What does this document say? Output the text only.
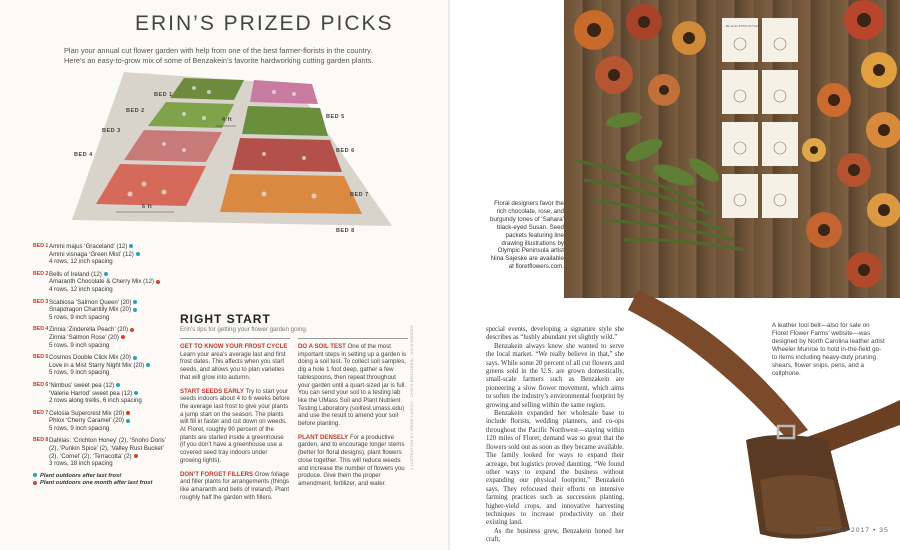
ERIN’S PRIZED PICKS

Plan your annual cut flower garden with help from one of the best farmer-florists in the country. Here’s an easy-to-grow mix of some of Benzakein’s favorite hardworking cutting garden plants.

6 ft
4 ft
BED 1
BED 2
BED 3
BED 4
BED 5
BED 6
BED 7
BED 8
BED 1 Ammi majus ‘Graceland’ (12)
Ammi visnaga ‘Green Mist’ (12)
4 rows, 12 inch spacing
BED 2 Bells of Ireland (12)
Amaranth Chocolate & Cherry Mix (12)
4 rows, 12 inch spacing
BED 3 Scabiosa ‘Salmon Queen’ (20)
Snapdragon Chantilly Mix (20)
5 rows, 9 inch spacing
BED 4 Zinnia ‘Zinderella Peach’ (20)
Zinnia ‘Salmon Rose’ (20)
5 rows, 9 inch spacing
BED 5 Cosmos Double Click Mix (20)
Love in a Mist Starry Night Mix (20)
5 rows, 9 inch spacing
BED 6 ‘Nimbus’ sweet pea (12)
‘Valerie Harrod’ sweet pea (12)
2 rows along trellis, 6 inch spacing
BED 7 Celosia Supercrest Mix (20)
Phlox ‘Cherry Caramel’ (20)
5 rows, 9 inch spacing
BED 8 Dahlias: ‘Crichton Honey’ (2), ‘Snoho Doris’ (2), ‘Punkin Spice’ (2), ‘Valley Rust Bucket’ (2), ‘Cornel’ (2), ‘Terracotta’ (2)
3 rows, 18 inch spacing
Plant outdoors after last frost
Plant outdoors one month after last frost
RIGHT START

Erin’s tips for getting your flower garden going.

GET TO KNOW YOUR FROST CYCLE Learn your area’s average last and first frost dates. This affects when you start seeds, and allows you to plan varieties that will grow into autumn.

START SEEDS EARLY Try to start your seeds indoors about 4 to 6 weeks before the average last frost to give your plants a jump start on the season. The plants will fill in faster and cut down on weeds. At Floret, roughly 90 percent of the plants are started inside a greenhouse (if you don’t have a greenhouse use a covered seed tray indoors under growing lights).

DON’T FORGET FILLERS Grow foliage and filler plants for arrangements (things like amaranth and bells of Ireland). Plant roughly half the garden with fillers.

DO A SOIL TEST One of the most important steps in setting up a garden is doing a soil test. To collect soil samples, dig a hole 1 foot deep, gather a few tablespoons, then repeat throughout your garden until a quart-sized jar is full. You can send your soil to a testing lab like the UMass Soil and Plant Nutrient Testing Laboratory (soiltest.umass.edu) and use the result to amend your soil before planting.

PLANT DENSELY For a productive garden, and to encourage longer stems (better for floral designs), plant flowers close together. This will reduce weeds and increase the number of flowers you produce. Give them the proper amendment, fertilizer, and water.

ILLUSTRATION BY IRENE LASCHI · CHRIS BENZAKEIN, JULIA KENDES
BLACK-EYED SUSAN

Floral designers favor the rich chocolate, rose, and burgundy tones of ‘Sahara’ black-eyed Susan. Seed packets featuring line drawing illustrations by Olympic Peninsula artist Nina Sajeske are available at floretflowers.com.

special events, developing a signature style she describes as “lushly abundant yet slightly wild.”

Benzakein always knew she wanted to serve the local market. “We really believe in that,” she says. While some 20 percent of all cut flowers and greens sold in the U.S. are grown domestically, small-scale farmers such as Benzakein are pioneering a slow flower movement, which aims to soften the industry’s environmental footprint by growing and selling within the same region.

Benzakein expanded her wholesale base to include florists, wedding planners, and co-ops throughout the Pacific Northwest—staying within 120 miles of Floret; demand was so great that the flowers sold out as soon as they became available. The family looked for ways to expand their acreage, but logistics proved daunting. “We found other ways to expand the business without expanding our physical footprint,” Benzakein says. They refocused their efforts on intensive farming practices such as succession planting, higher-yield crops, and innovative harvesting techniques to increase productivity on their existing land.

As the business grew, Benzakein honed her craft,

A leather tool belt—also for sale on Floret Flower Farms’ website—was designed by North Carolina leather artist Wheeler Munroe to hold in-the-field go-to items including heavy-duty pruning shears, flower snips, pens, and a cellphone.

SPRING 2017 • 35
